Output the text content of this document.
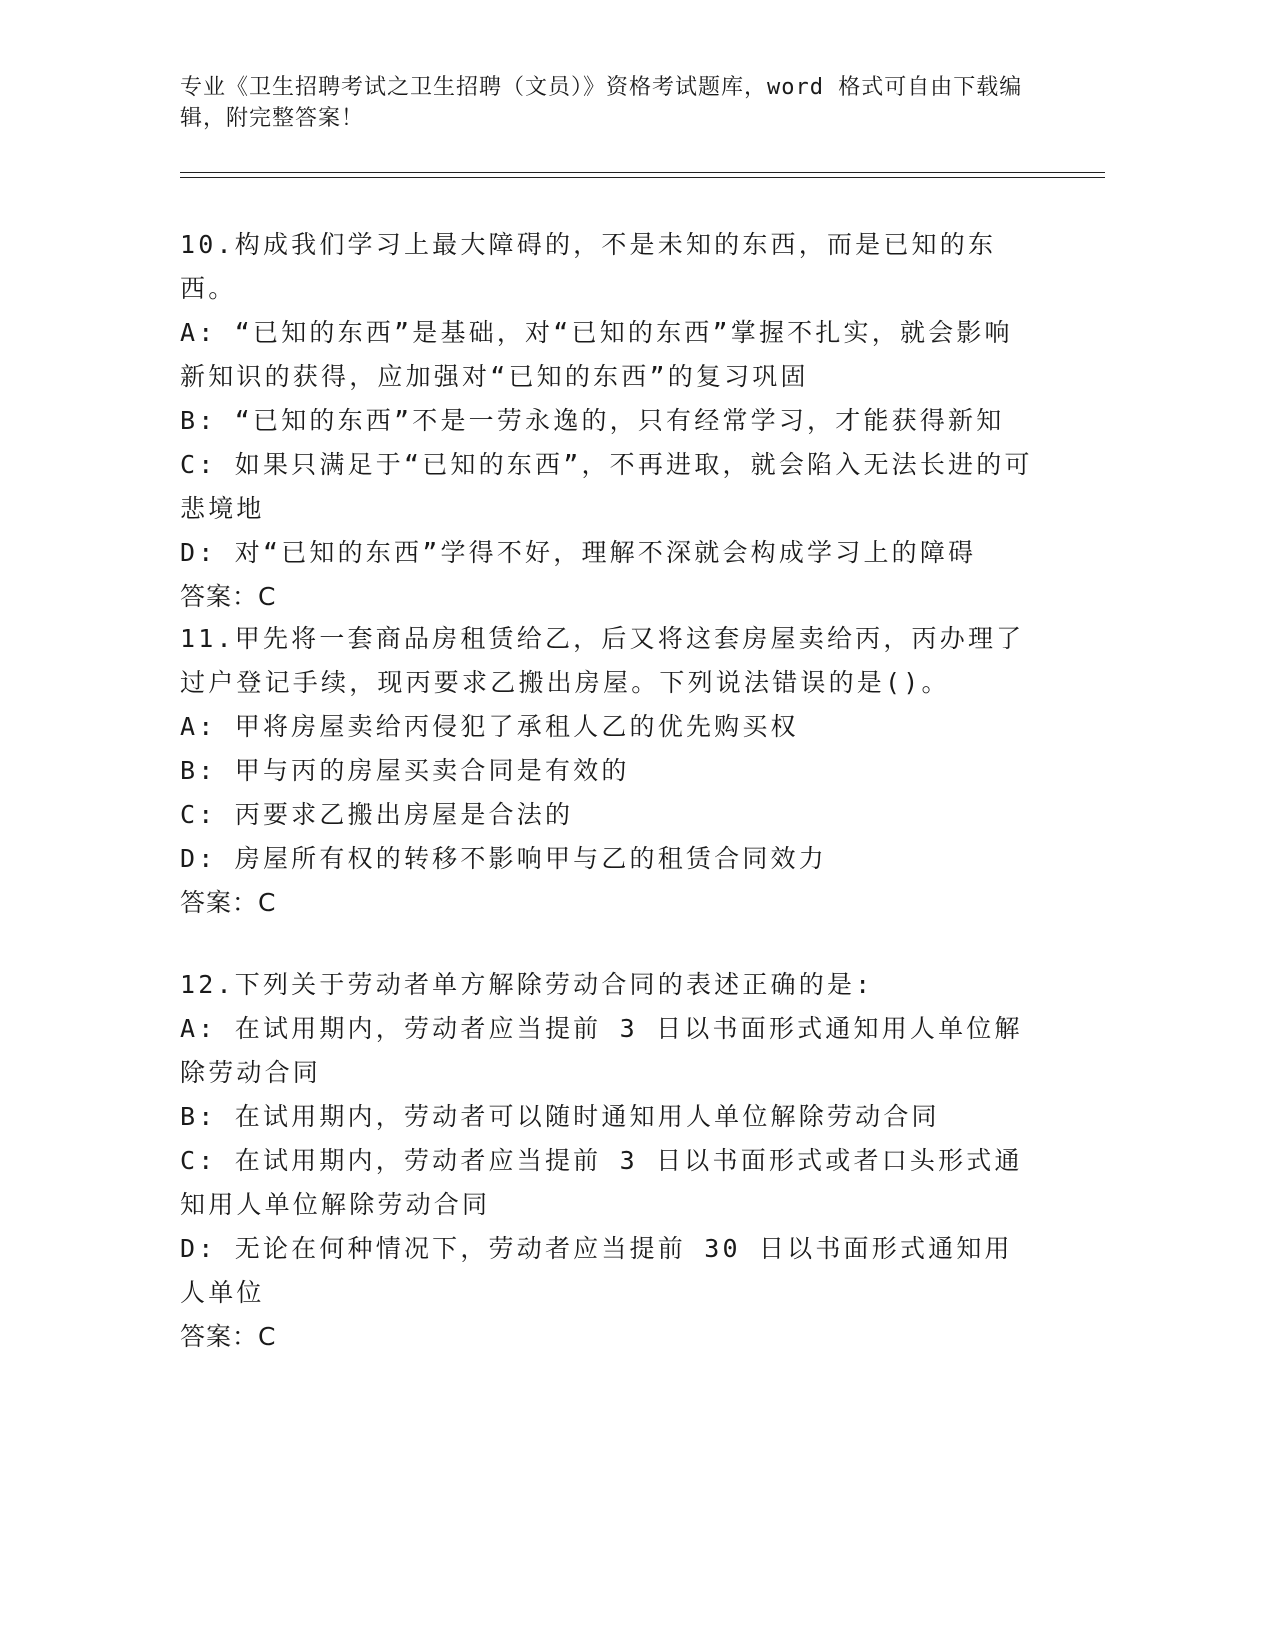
专业《卫生招聘考试之卫生招聘（文员）》资格考试题库，word 格式可自由下载编辑，附完整答案！

10.构成我们学习上最大障碍的，不是未知的东西，而是已知的东西。

A: “已知的东西”是基础，对“已知的东西”掌握不扎实，就会影响新知识的获得，应加强对“已知的东西”的复习巩固

B: “已知的东西”不是一劳永逸的，只有经常学习，才能获得新知

C: 如果只满足于“已知的东西”，不再进取，就会陷入无法长进的可悲境地

D: 对“已知的东西”学得不好，理解不深就会构成学习上的障碍

答案：C

11.甲先将一套商品房租赁给乙，后又将这套房屋卖给丙，丙办理了过户登记手续，现丙要求乙搬出房屋。下列说法错误的是()。

A: 甲将房屋卖给丙侵犯了承租人乙的优先购买权

B: 甲与丙的房屋买卖合同是有效的

C: 丙要求乙搬出房屋是合法的

D: 房屋所有权的转移不影响甲与乙的租赁合同效力

答案：C

12.下列关于劳动者单方解除劳动合同的表述正确的是:

A: 在试用期内，劳动者应当提前 3 日以书面形式通知用人单位解除劳动合同

B: 在试用期内，劳动者可以随时通知用人单位解除劳动合同

C: 在试用期内，劳动者应当提前 3 日以书面形式或者口头形式通知用人单位解除劳动合同

D: 无论在何种情况下，劳动者应当提前 30 日以书面形式通知用人单位

答案：C
